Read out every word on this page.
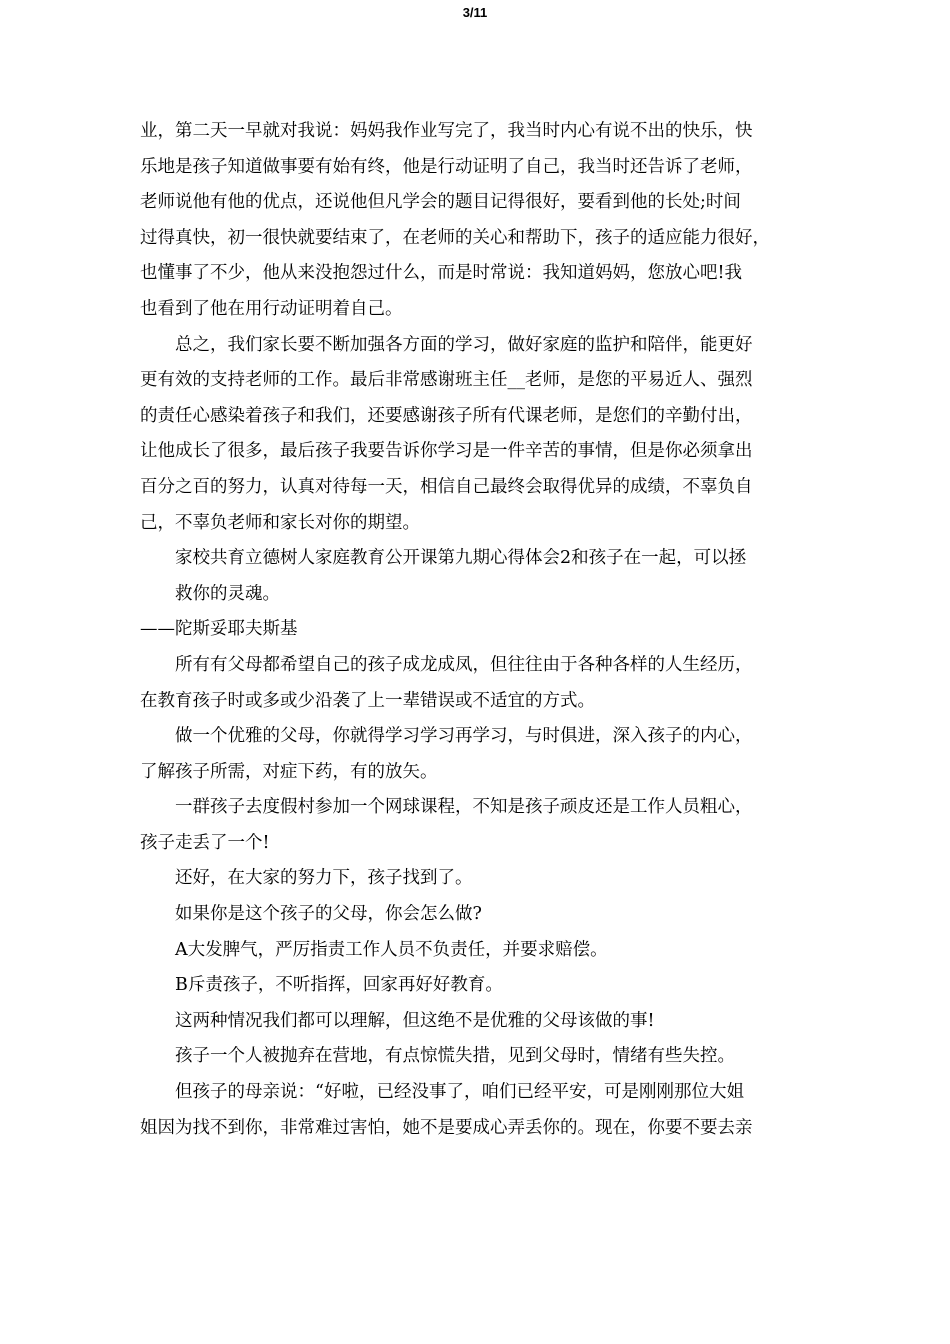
3/11
业，第二天一早就对我说：妈妈我作业写完了，我当时内心有说不出的快乐，快
乐地是孩子知道做事要有始有终，他是行动证明了自己，我当时还告诉了老师，
老师说他有他的优点，还说他但凡学会的题目记得很好，要看到他的长处;时间
过得真快，初一很快就要结束了，在老师的关心和帮助下，孩子的适应能力很好，
也懂事了不少，他从来没抱怨过什么，而是时常说：我知道妈妈，您放心吧!我
也看到了他在用行动证明着自己。
总之，我们家长要不断加强各方面的学习，做好家庭的监护和陪伴，能更好
更有效的支持老师的工作。最后非常感谢班主任__老师，是您的平易近人、强烈
的责任心感染着孩子和我们，还要感谢孩子所有代课老师，是您们的辛勤付出，
让他成长了很多，最后孩子我要告诉你学习是一件辛苦的事情，但是你必须拿出
百分之百的努力，认真对待每一天，相信自己最终会取得优异的成绩，不辜负自
己，不辜负老师和家长对你的期望。
家校共育立德树人家庭教育公开课第九期心得体会2和孩子在一起，可以拯
救你的灵魂。
——陀斯妥耶夫斯基
所有有父母都希望自己的孩子成龙成凤，但往往由于各种各样的人生经历，
在教育孩子时或多或少沿袭了上一辈错误或不适宜的方式。
做一个优雅的父母，你就得学习学习再学习，与时俱进，深入孩子的内心，
了解孩子所需，对症下药，有的放矢。
一群孩子去度假村参加一个网球课程，不知是孩子顽皮还是工作人员粗心，
孩子走丢了一个!
还好，在大家的努力下，孩子找到了。
如果你是这个孩子的父母，你会怎么做?
A大发脾气，严厉指责工作人员不负责任，并要求赔偿。
B斥责孩子，不听指挥，回家再好好教育。
这两种情况我们都可以理解，但这绝不是优雅的父母该做的事!
孩子一个人被抛弃在营地，有点惊慌失措，见到父母时，情绪有些失控。
但孩子的母亲说：“好啦，已经没事了，咱们已经平安，可是刚刚那位大姐
姐因为找不到你，非常难过害怕，她不是要成心弄丢你的。现在，你要不要去亲
